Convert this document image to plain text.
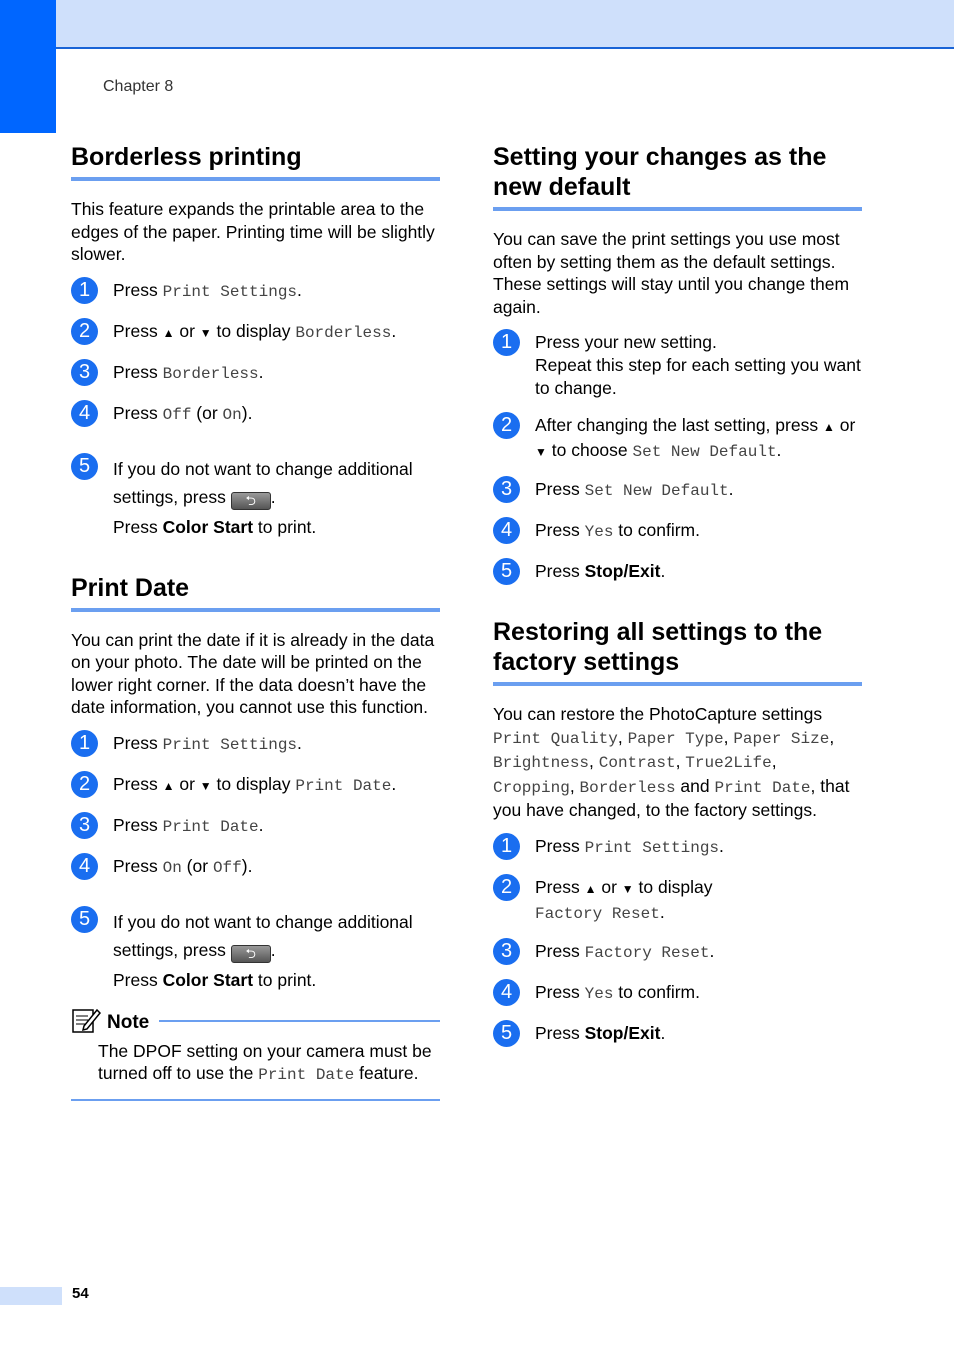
Chapter 8
Borderless printing

This feature expands the printable area to the edges of the paper. Printing time will be slightly slower.

1	Press Print Settings.
2	Press ▲ or ▼ to display Borderless.
3	Press Borderless.
4	Press Off (or On).
5	If you do not want to change additional settings, press ⮌ .
Press Color Start to print.
Print Date

You can print the date if it is already in the data on your photo. The date will be printed on the lower right corner. If the data doesn’t have the date information, you cannot use this function.

1	Press Print Settings.
2	Press ▲ or ▼ to display Print Date.
3	Press Print Date.
4	Press On (or Off).
5	If you do not want to change additional settings, press ⮌ .
Press Color Start to print.
Note

The DPOF setting on your camera must be turned off to use the Print Date feature.

Setting your changes as the new default

You can save the print settings you use most often by setting them as the default settings. These settings will stay until you change them again.

1	Press your new setting.
Repeat this step for each setting you want to change.
2	After changing the last setting, press ▲ or ▼ to choose Set New Default.
3	Press Set New Default.
4	Press Yes to confirm.
5	Press Stop/Exit.
Restoring all settings to the factory settings

You can restore the PhotoCapture settings Print Quality, Paper Type, Paper Size, Brightness, Contrast, True2Life, Cropping, Borderless and Print Date, that you have changed, to the factory settings.

1	Press Print Settings.
2	Press ▲ or ▼ to display
Factory Reset.
3	Press Factory Reset.
4	Press Yes to confirm.
5	Press Stop/Exit.
54
